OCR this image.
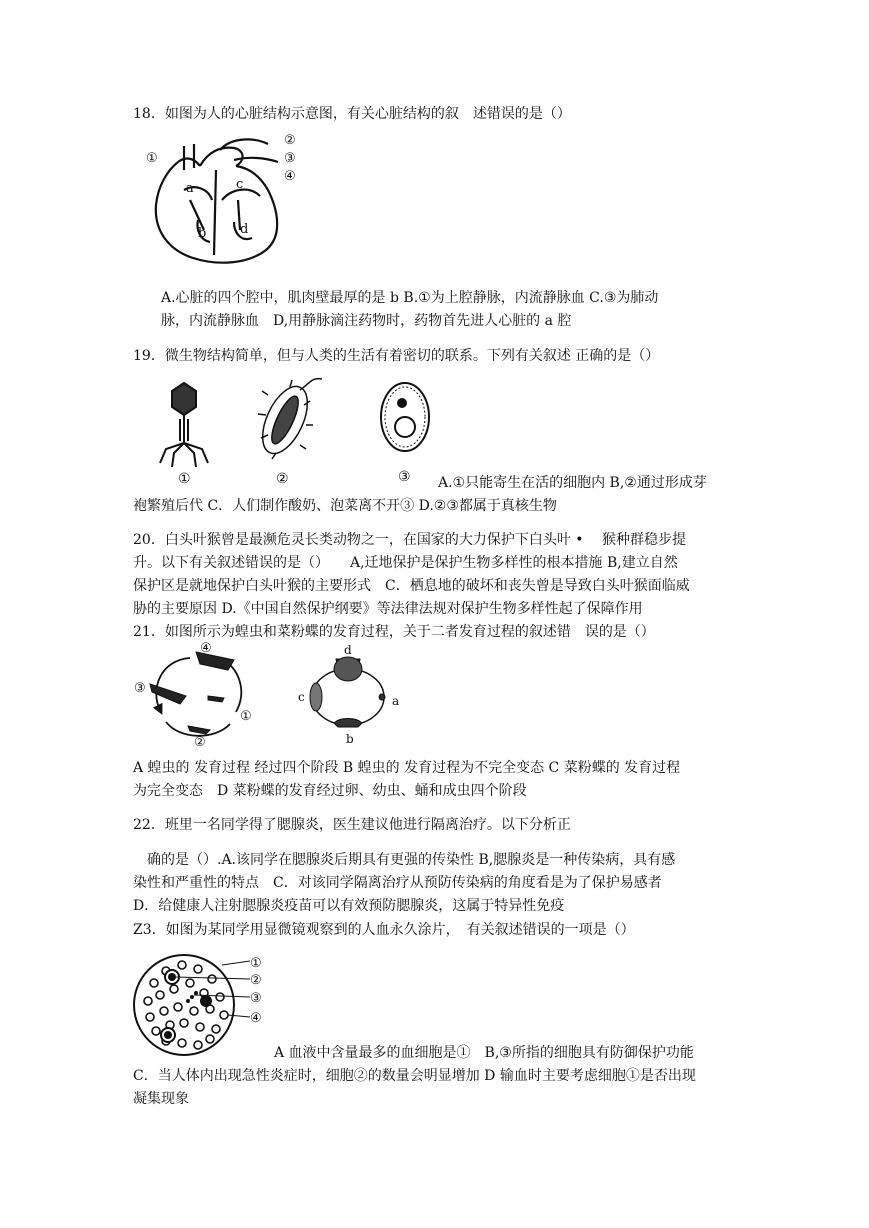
18．如图为人的心脏结构示意图，有关心脏结构的叙　述错误的是（）
①
②
③
④
a
b
c
d
A.心脏的四个腔中，肌肉壁最厚的是 b B.①为上腔静脉，内流静脉血 C.③为肺动
脉，内流静脉血　D,用静脉滴注药物时，药物首先进人心脏的 a 腔
19．微生物结构简单，但与人类的生活有着密切的联系。下列有关叙述 正确的是（）
①	②	③ A.①只能寄生在活的细胞内 B,②通过形成芽
袍繁殖后代 C．人们制作酸奶、泡菜离不开③ D.②③都属于真核生物
20．白头叶猴曾是最濒危灵长类动物之一，在国家的大力保护下白头叶 •　 猴种群稳步提
升。以下有关叙述错误的是（）　　A,迁地保护是保护生物多样性的根本措施 B,建立自然
保护区是就地保护白头叶猴的主要形式　C．栖息地的破坏和丧失曾是导致白头叶猴面临威
胁的主要原因 D.《中国自然保护纲要》等法律法规对保护生物多样性起了保障作用
21．如图所示为蝗虫和菜粉蝶的发育过程，关于二者发育过程的叙述错　误的是（）
④
③
①
②
d
c	a
b
A 蝗虫的 发育过程 经过四个阶段 B 蝗虫的 发育过程为不完全变态 C 菜粉蝶的 发育过程
为完全变态　D 菜粉蝶的发育经过卵、幼虫、蛹和成虫四个阶段
22．班里一名同学得了腮腺炎，医生建议他进行隔离治疗。以下分析正
　确的是（）.A.该同学在腮腺炎后期具有更强的传染性 B,腮腺炎是一种传染病，具有感
染性和严重性的特点　C．对该同学隔离治疗从预防传染病的角度看是为了保护易感者
D．给健康人注射腮腺炎疫苗可以有效预防腮腺炎，这属于特异性免疫
Z3．如图为某同学用显微镜观察到的人血永久涂片，　有关叙述错误的一项是（）
①
②
③
④
A 血液中含量最多的血细胞是①　B,③所指的细胞具有防御保护功能
C．当人体内出现急性炎症时，细胞②的数量会明显增加 D 输血时主要考虑细胞①是否出现
凝集现象
